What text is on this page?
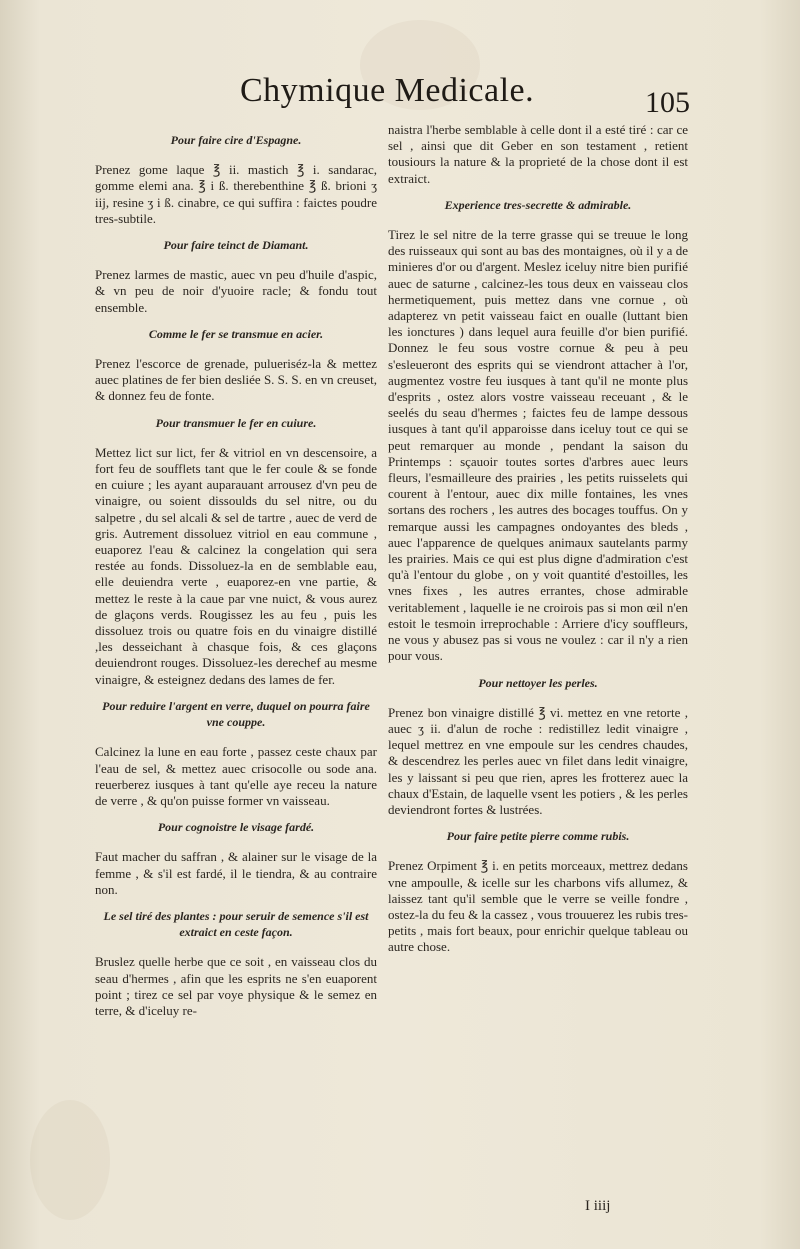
Chymique Medicale.	105
Pour faire cire d'Espagne.

Prenez gome laque ℥ ii. mastich ℥ i. sandarac, gomme elemi ana. ℥ i ß. therebenthine ℥ ß. brioni ʒ iij, resine ʒ i ß. cinabre, ce qui suffira : faictes poudre tres-subtile.

Pour faire teinct de Diamant.

Prenez larmes de mastic, auec vn peu d'huile d'aspic, & vn peu de noir d'yuoire racle; & fondu tout ensemble.

Comme le fer se transmue en acier.

Prenez l'escorce de grenade, pulueriséz-la & mettez auec platines de fer bien desliée S. S. S. en vn creuset, & donnez feu de fonte.

Pour transmuer le fer en cuiure.

Mettez lict sur lict, fer & vitriol en vn descensoire, a fort feu de soufflets tant que le fer coule & se fonde en cuiure ; les ayant auparauant arrousez d'vn peu de vinaigre, ou soient dissoulds du sel nitre, ou du salpetre , du sel alcali & sel de tartre , auec de verd de gris. Autrement dissoluez vitriol en eau commune , euaporez l'eau & calcinez la congelation qui sera restée au fonds. Dissoluez-la en de semblable eau, elle deuiendra verte , euaporez-en vne partie, & mettez le reste à la caue par vne nuict, & vous aurez de glaçons verds. Rougissez les au feu , puis les dissoluez trois ou quatre fois en du vinaigre distillé ,les desseichant à chasque fois, & ces glaçons deuiendront rouges. Dissoluez-les derechef au mesme vinaigre, & esteignez dedans des lames de fer.

Pour reduire l'argent en verre, duquel on pourra faire vne couppe.

Calcinez la lune en eau forte , passez ceste chaux par l'eau de sel, & mettez auec crisocolle ou sode ana. reuerberez iusques à tant qu'elle aye receu la nature de verre , & qu'on puisse former vn vaisseau.

Pour cognoistre le visage fardé.

Faut macher du saffran , & alainer sur le visage de la femme , & s'il est fardé, il le tiendra, & au contraire non.

Le sel tiré des plantes : pour seruir de semence s'il est extraict en ceste façon.

Bruslez quelle herbe que ce soit , en vaisseau clos du seau d'hermes , afin que les esprits ne s'en euaporent point ; tirez ce sel par voye physique & le semez en terre, & d'iceluy re-

naistra l'herbe semblable à celle dont il a esté tiré : car ce sel , ainsi que dit Geber en son testament , retient tousiours la nature & la proprieté de la chose dont il est extraict.

Experience tres-secrette & admirable.

Tirez le sel nitre de la terre grasse qui se treuue le long des ruisseaux qui sont au bas des montaignes, où il y a de minieres d'or ou d'argent. Meslez iceluy nitre bien purifié auec de saturne , calcinez-les tous deux en vaisseau clos hermetiquement, puis mettez dans vne cornue , où adapterez vn petit vaisseau faict en oualle (luttant bien les ionctures ) dans lequel aura feuille d'or bien purifié. Donnez le feu sous vostre cornue & peu à peu s'esleueront des esprits qui se viendront attacher à l'or, augmentez vostre feu iusques à tant qu'il ne monte plus d'esprits , ostez alors vostre vaisseau receuant , & le seelés du seau d'hermes ; faictes feu de lampe dessous iusques à tant qu'il apparoisse dans iceluy tout ce qui se peut remarquer au monde , pendant la saison du Printemps : sçauoir toutes sortes d'arbres auec leurs fleurs, l'esmailleure des prairies , les petits ruisselets qui courent à l'entour, auec dix mille fontaines, les vnes sortans des rochers , les autres des bocages touffus. On y remarque aussi les campagnes ondoyantes des bleds , auec l'apparence de quelques animaux sautelants parmy les prairies. Mais ce qui est plus digne d'admiration c'est qu'à l'entour du globe , on y voit quantité d'estoilles, les vnes fixes , les autres errantes, chose admirable veritablement , laquelle ie ne croirois pas si mon œil n'en estoit le tesmoin irreprochable : Arriere d'icy souffleurs, ne vous y abusez pas si vous ne voulez : car il n'y a rien pour vous.

Pour nettoyer les perles.

Prenez bon vinaigre distillé ℥ vi. mettez en vne retorte , auec ʒ ii. d'alun de roche : redistillez ledit vinaigre , lequel mettrez en vne empoule sur les cendres chaudes, & descendrez les perles auec vn filet dans ledit vinaigre, les y laissant si peu que rien, apres les frotterez auec la chaux d'Estain, de laquelle vsent les potiers , & les perles deviendront fortes & lustrées.

Pour faire petite pierre comme rubis.

Prenez Orpiment ℥ i. en petits morceaux, mettrez dedans vne ampoulle, & icelle sur les charbons vifs allumez, & laissez tant qu'il semble que le verre se veille fondre , ostez-la du feu & la cassez , vous trouuerez les rubis tres-petits , mais fort beaux, pour enrichir quelque tableau ou autre chose.

I iiij
